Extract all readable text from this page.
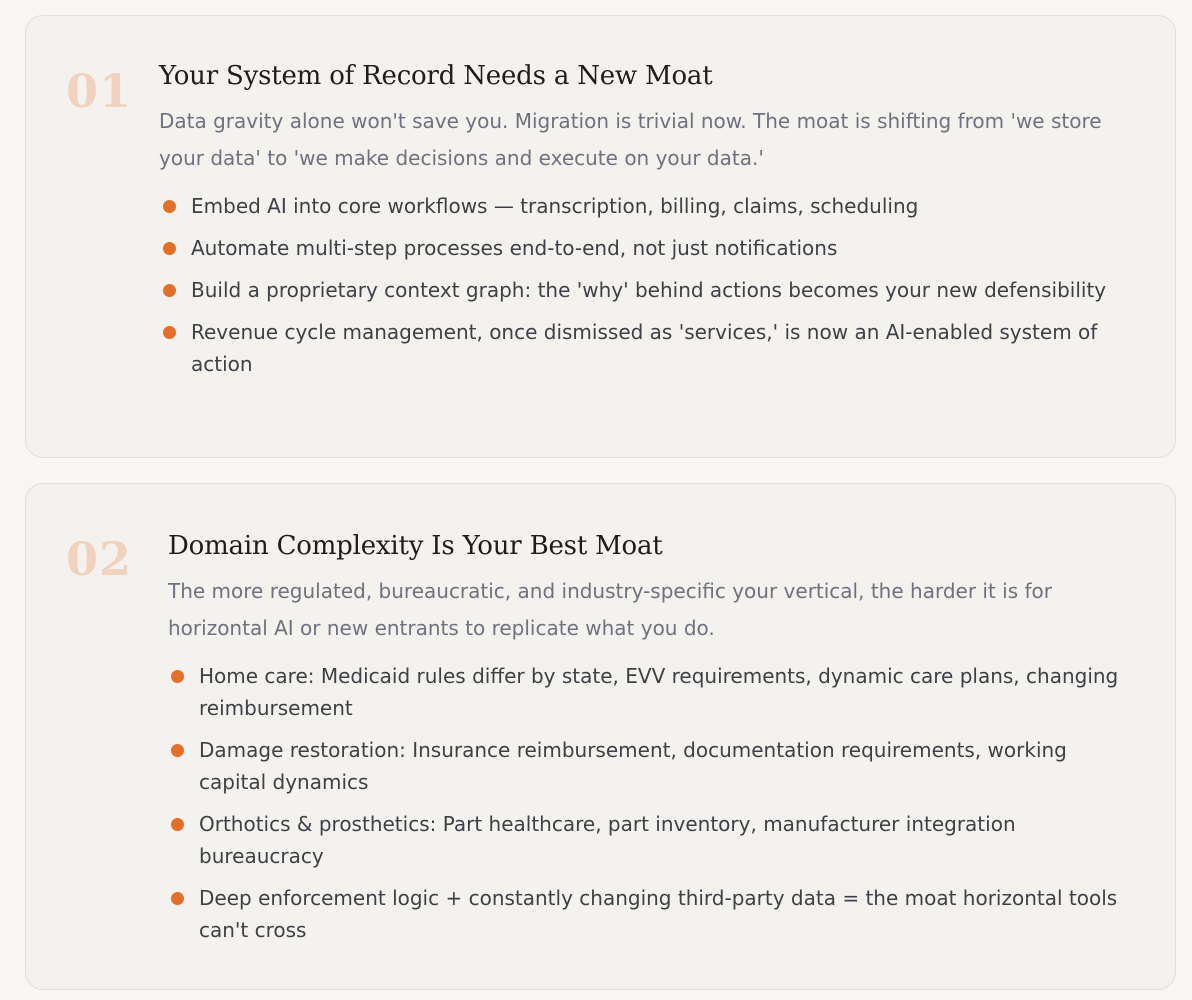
01 Your System of Record Needs a New Moat

Data gravity alone won't save you. Migration is trivial now. The moat is shifting from 'we store your data' to 'we make decisions and execute on your data.'

Embed AI into core workflows — transcription, billing, claims, scheduling
Automate multi-step processes end-to-end, not just notifications
Build a proprietary context graph: the 'why' behind actions becomes your new defensibility
Revenue cycle management, once dismissed as 'services,' is now an AI-enabled system of action
02 Domain Complexity Is Your Best Moat

The more regulated, bureaucratic, and industry-specific your vertical, the harder it is for horizontal AI or new entrants to replicate what you do.

Home care: Medicaid rules differ by state, EVV requirements, dynamic care plans, changing reimbursement
Damage restoration: Insurance reimbursement, documentation requirements, working capital dynamics
Orthotics & prosthetics: Part healthcare, part inventory, manufacturer integration bureaucracy
Deep enforcement logic + constantly changing third-party data = the moat horizontal tools can't cross
